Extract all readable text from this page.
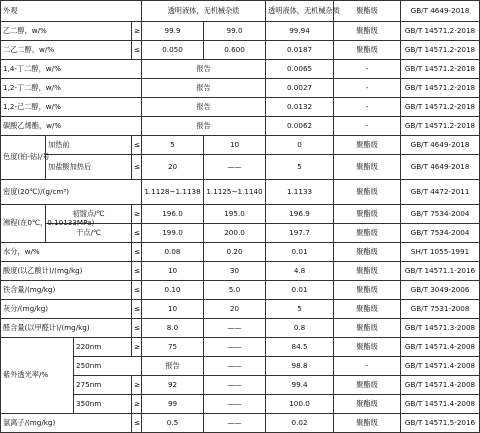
外观				透明液体，无机械杂质		透明液体，无机械杂质	聚酯级	GB/T 4649-2018
乙二醇，w/%			≥	99.9	99.0	99.94	聚酯级	GB/T 14571.2-2018
二乙二醇，w/%			≤	0.050	0.600	0.0187	聚酯级	GB/T 14571.2-2018
1,4-丁二醇，w/%				报告		0.0065	-	GB/T 14571.2-2018
1,2-丁二醇，w/%				报告		0.0027	-	GB/T 14571.2-2018
1,2-己二醇，w/%				报告		0.0132	-	GB/T 14571.2-2018
碳酸乙烯酯，w/%				报告		0.0062	-	GB/T 14571.2-2018
色度(铂-钴)/号	加热前		≤	5	10	0	聚酯级	GB/T 4649-2018
	加盐酸加热后		≤	20	——	5	聚酯级	GB/T 4649-2018
密度(20℃)/(g/cm³)				1.1128~1.1138	1.1125~1.1140	1.1133	聚酯级	GB/T 4472-2011
沸程(在0℃，0.10133MPa)	初馏点/℃		≥	196.0	195.0	196.9	聚酯级	GB/T 7534-2004
	干点/℃		≤	199.0	200.0	197.7	聚酯级	GB/T 7534-2004
水分，w/%			≤	0.08	0.20	0.01	聚酯级	SH/T 1055-1991
酸度(以乙酸计)/(mg/kg)			≤	10	30	4.8	聚酯级	GB/T 14571.1-2016
铁含量/(mg/kg)			≤	0.10	5.0	0.01	聚酯级	GB/T 3049-2006
灰分/(mg/kg)			≤	10	20	5	聚酯级	GB/T 7531-2008
醛含量(以甲醛计)/(mg/kg)			≤	8.0	——	0.8	聚酯级	GB/T 14571.3-2008
紫外透光率/%		220nm	≥	75	——	84.5	聚酯级	GB/T 14571.4-2008
		250nm		报告	——	98.8	-	GB/T 14571.4-2008
		275nm	≥	92	——	99.4	聚酯级	GB/T 14571.4-2008
		350nm	≥	99	——	100.0	聚酯级	GB/T 14571.4-2008
氯离子/(mg/kg)			≤	0.5	——	0.02	聚酯级	GB/T 14571.5-2016
